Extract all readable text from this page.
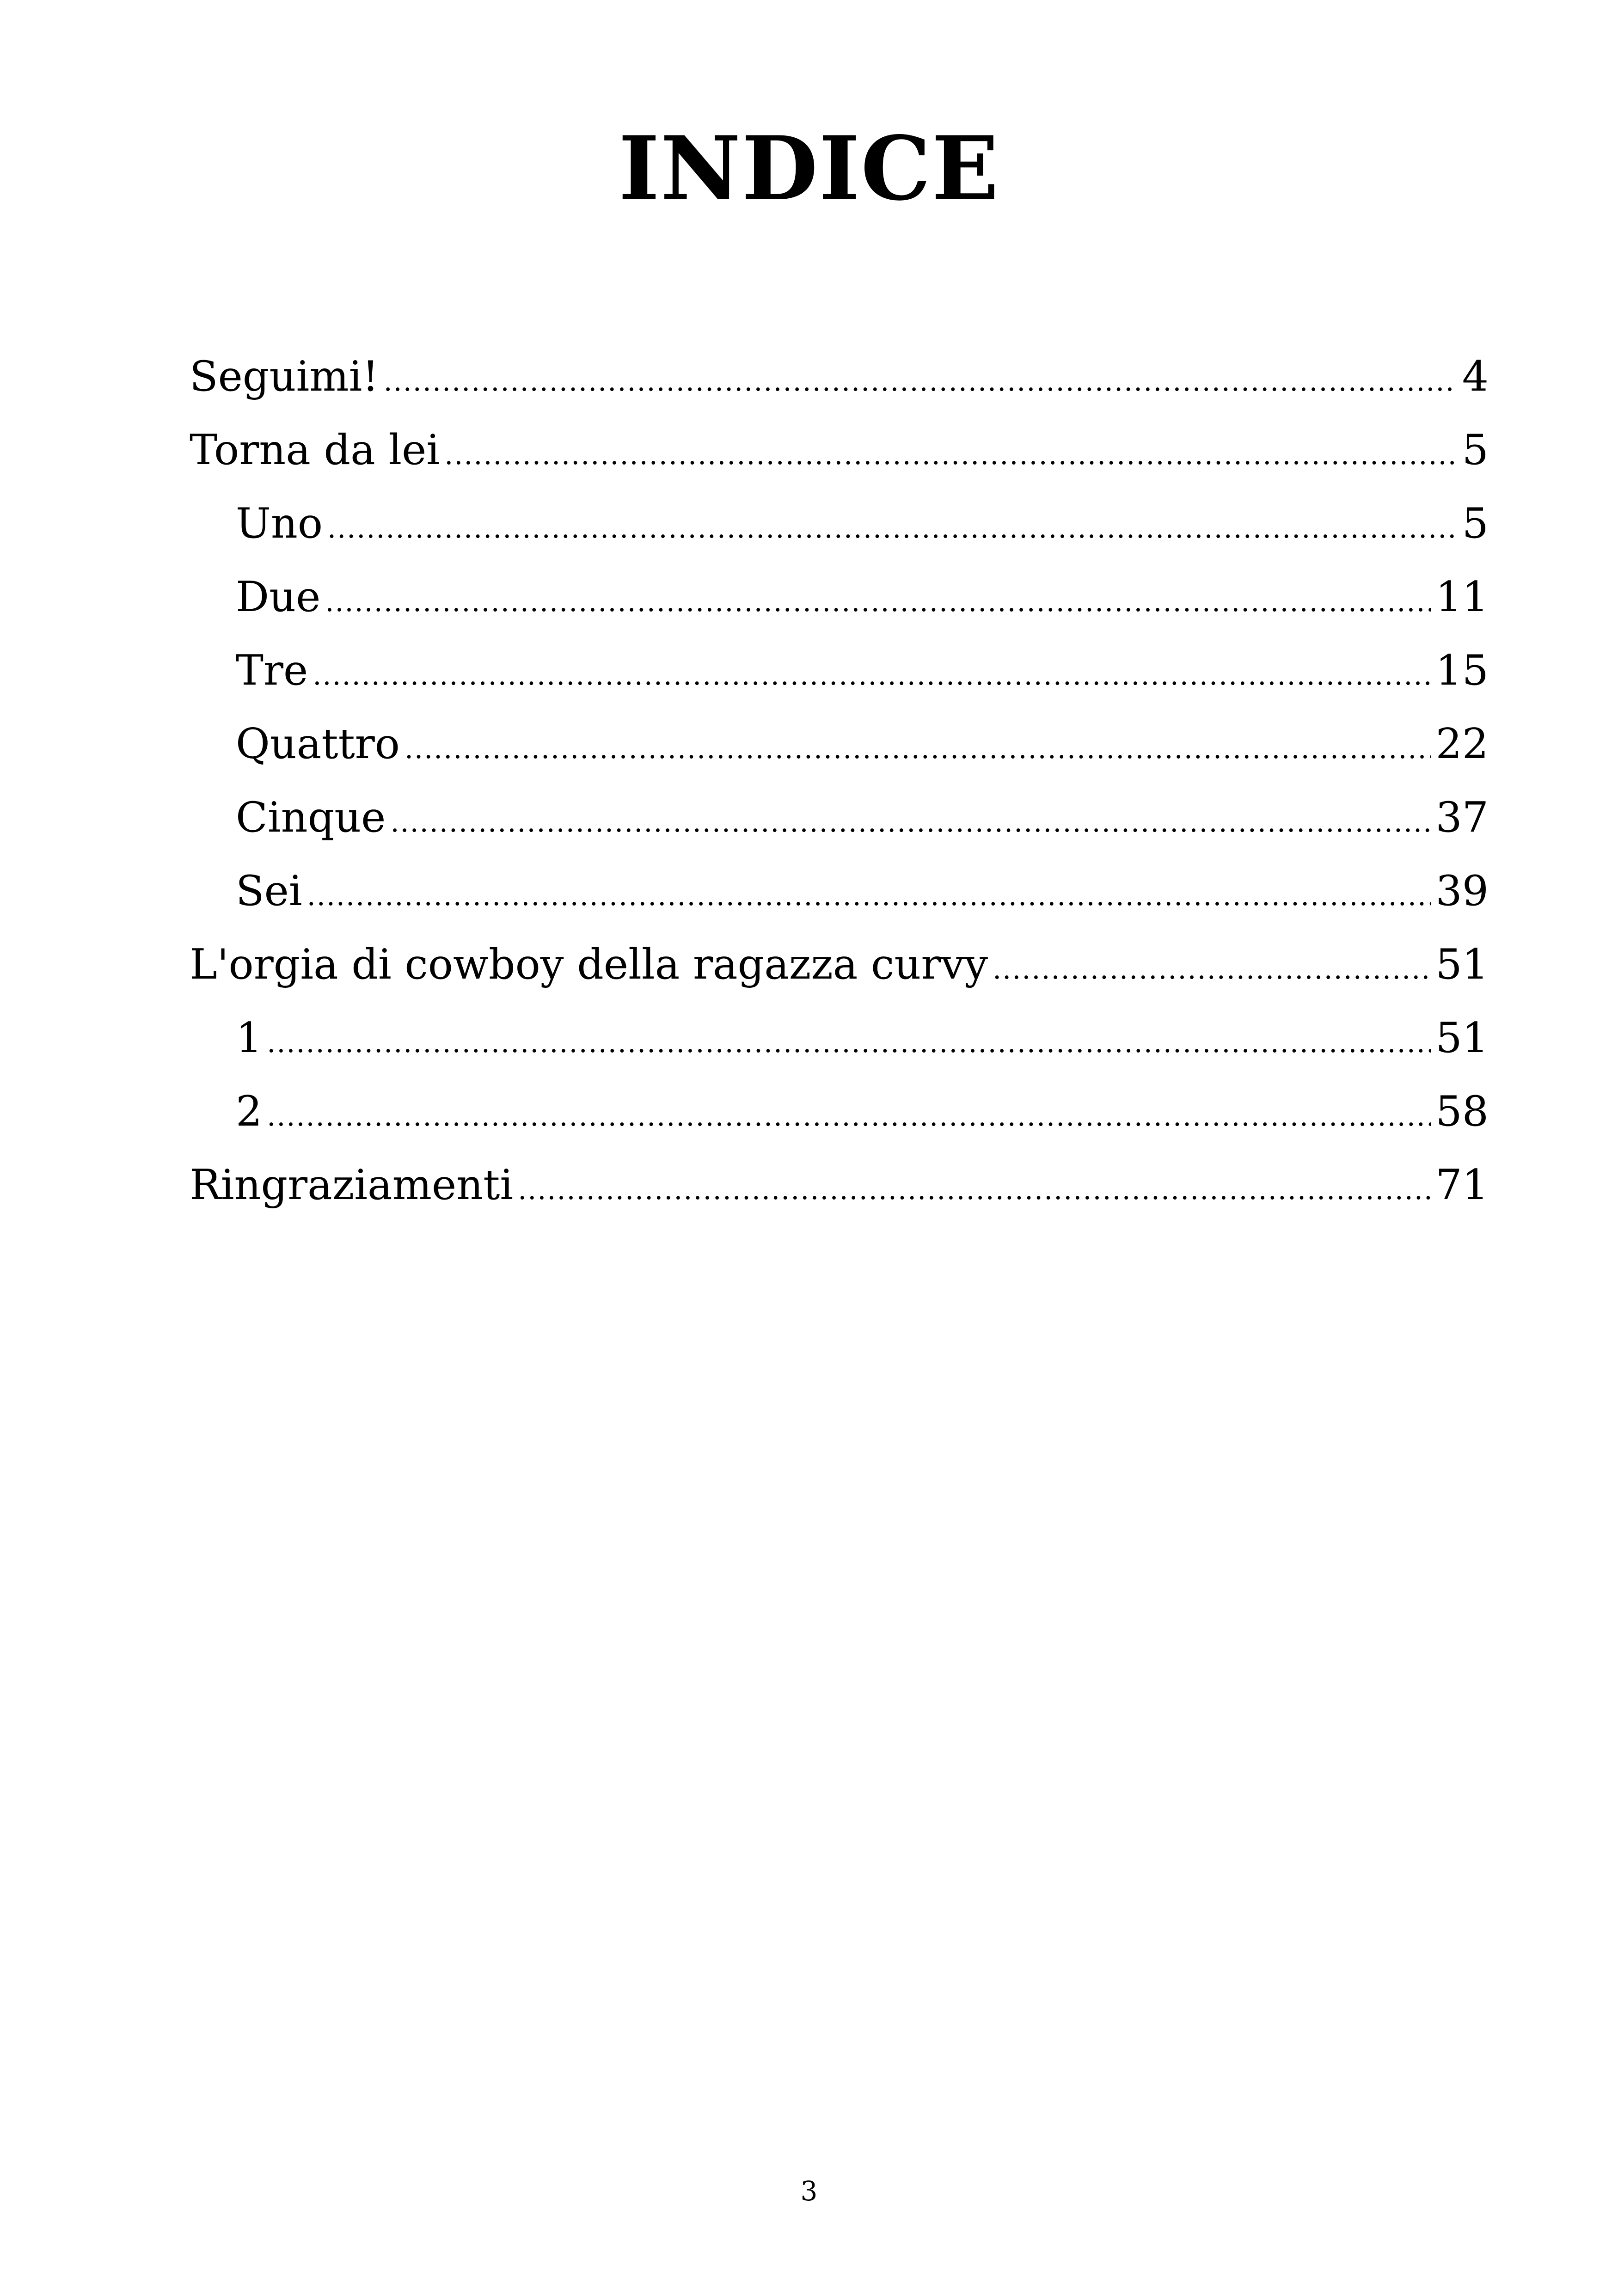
INDICE
Seguimi! .....	4
Torna da lei .....	5
Uno .....	5
Due .....	11
Tre .....	15
Quattro .....	22
Cinque .....	37
Sei .....	39
L'orgia di cowboy della ragazza curvy .....	51
1 .....	51
2 .....	58
Ringraziamenti .....	71
3
